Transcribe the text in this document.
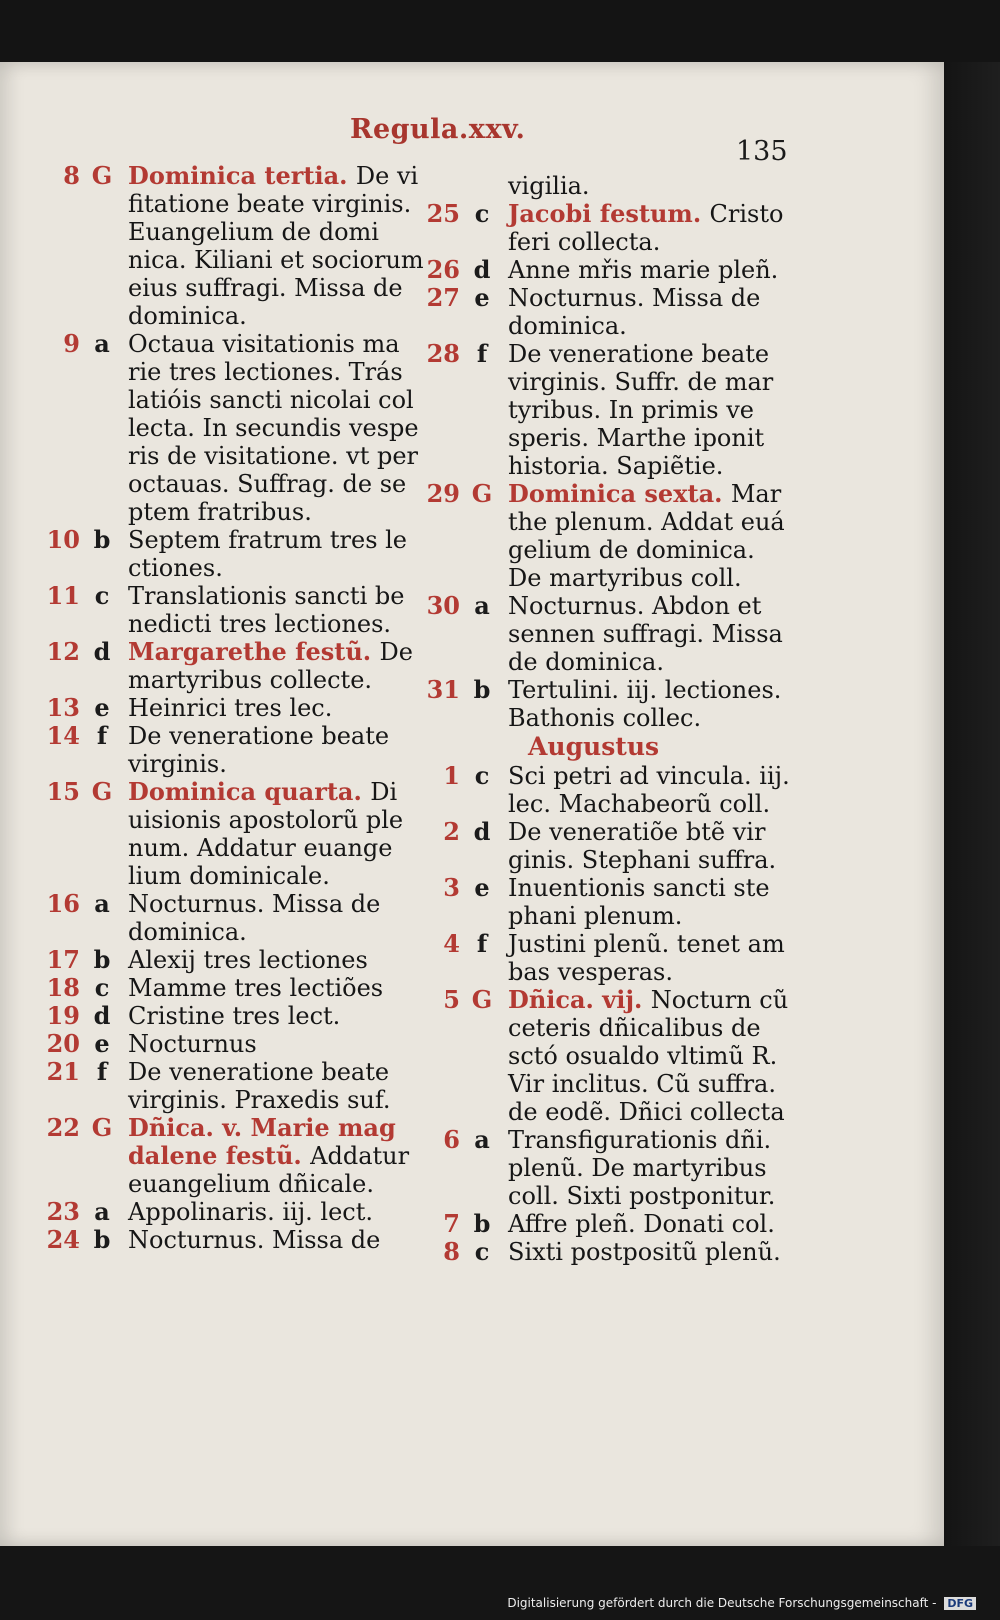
Regula.xxv.
135
8 G Dominica tertia. De vi fitatione beate virginis. Euangelium de domi nica. Kiliani et sociorum eius suffragi. Missa de dominica.
9 a Octaua visitationis ma rie tres lectiones. Trás latióis sancti nicolai col lecta. In secundis vespe ris de visitatione. vt per octauas. Suffrag. de se ptem fratribus.
10 b Septem fratrum tres le ctiones.
11 c Translationis sancti be nedicti tres lectiones.
12 d Margarethe festũ. De martyribus collecte.
13 e Heinrici tres lec.
14 f De veneratione beate virginis.
15 G Dominica quarta. Di uisionis apostolorũ ple num. Addatur euange lium dominicale.
16 a Nocturnus. Missa de dominica.
17 b Alexij tres lectiones
18 c Mamme tres lectiões
19 d Cristine tres lect.
20 e Nocturnus
21 f De veneratione beate virginis. Praxedis suf.
22 G Dñica. v. Marie mag dalene festũ. Addatur euangelium dñicale.
23 a Appolinaris. iij. lect.
24 b Nocturnus. Missa de
vigilia.
25 c Jacobi festum. Cristo feri collecta.
26 d Anne mřis marie pleñ.
27 e Nocturnus. Missa de dominica.
28 f De veneratione beate virginis. Suffr. de mar tyribus. In primis ve speris. Marthe iponit historia. Sapiẽtie.
29 G Dominica sexta. Mar the plenum. Addat euá gelium de dominica. De martyribus coll.
30 a Nocturnus. Abdon et sennen suffragi. Missa de dominica.
31 b Tertulini. iij. lectiones. Bathonis collec.
Augustus
1 c Sci petri ad vincula. iij. lec. Machabeorũ coll.
2 d De veneratiõe btẽ vir ginis. Stephani suffra.
3 e Inuentionis sancti ste phani plenum.
4 f Justini plenũ. tenet am bas vesperas.
5 G Dñica. vij. Nocturn cũ ceteris dñicalibus de sctó osualdo vltimũ R. Vir inclitus. Cũ suffra. de eodẽ. Dñici collecta
6 a Transfigurationis dñi. plenũ. De martyribus coll. Sixti postponitur.
7 b Affre pleñ. Donati col.
8 c Sixti postpositũ plenũ.
Digitalisierung gefördert durch die Deutsche Forschungsgemeinschaft - DFG
